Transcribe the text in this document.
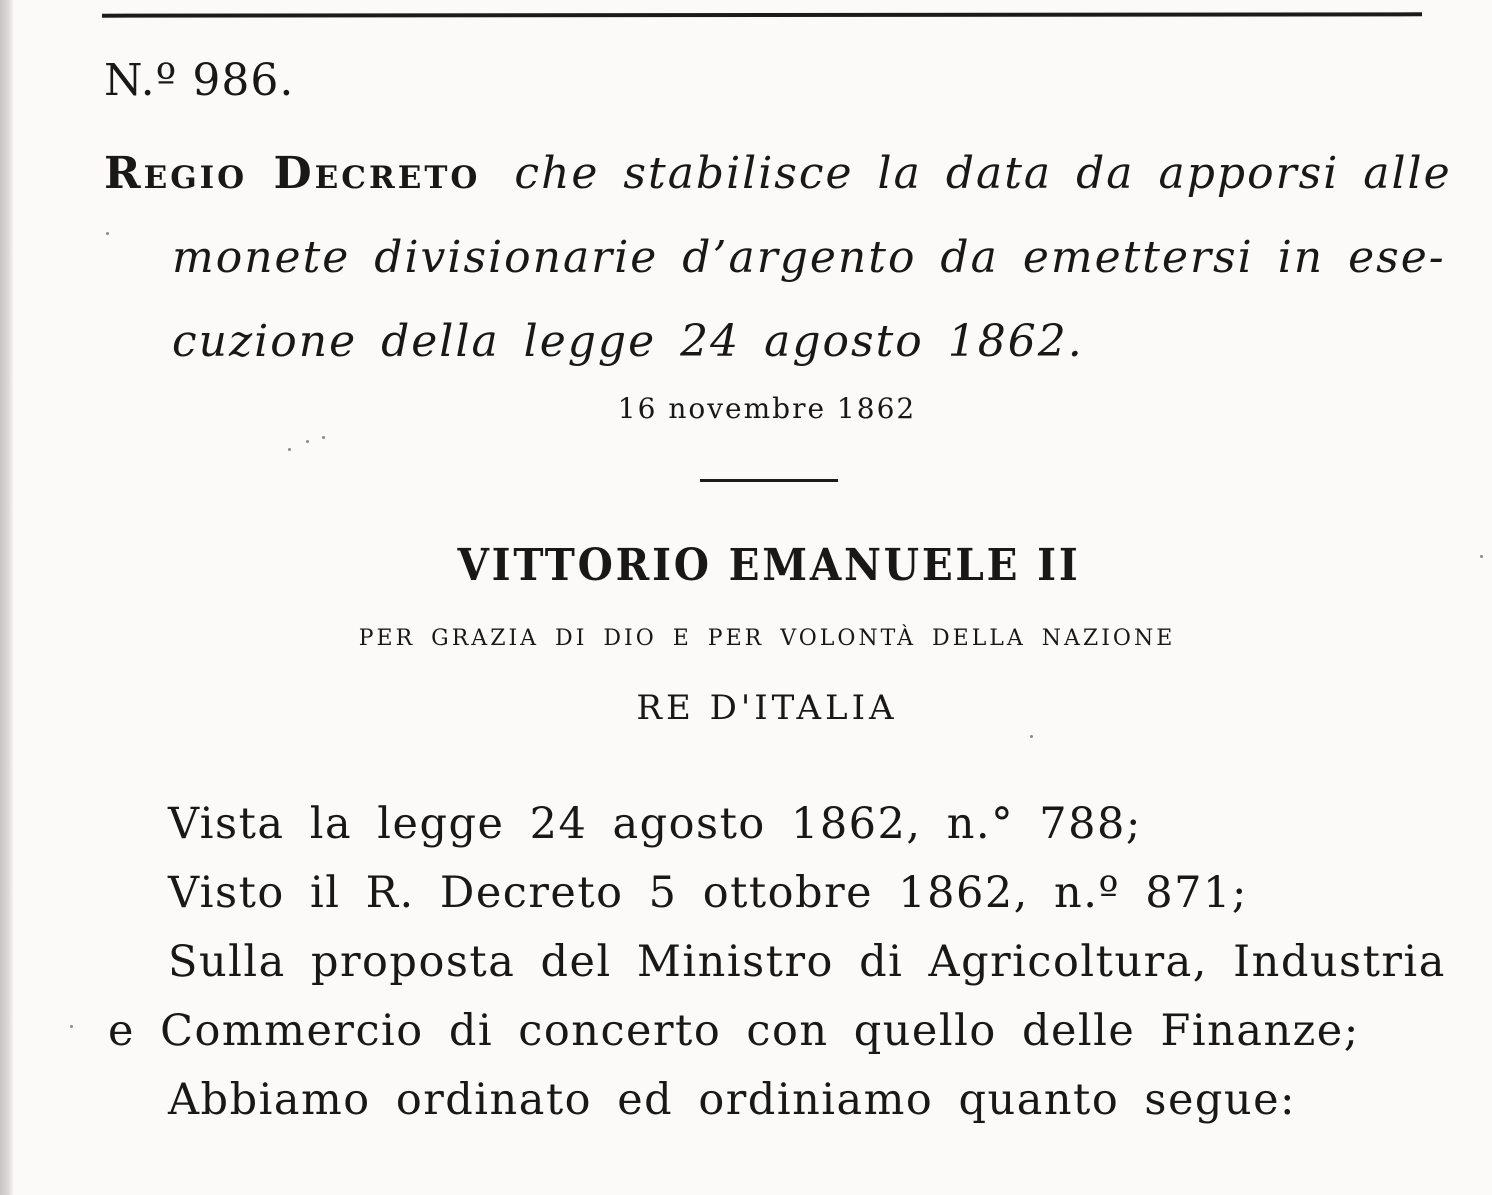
N.º 986.
Regio Decreto che stabilisce la data da apporsi alle
monete divisionarie d’argento da emettersi in ese-
cuzione della legge 24 agosto 1862.
16 novembre 1862
VITTORIO EMANUELE II
PER GRAZIA DI DIO E PER VOLONTÀ DELLA NAZIONE
RE D'ITALIA
Vista la legge 24 agosto 1862, n.° 788;
Visto il R. Decreto 5 ottobre 1862, n.º 871;
Sulla proposta del Ministro di Agricoltura, Industria
e Commercio di concerto con quello delle Finanze;
Abbiamo ordinato ed ordiniamo quanto segue:
